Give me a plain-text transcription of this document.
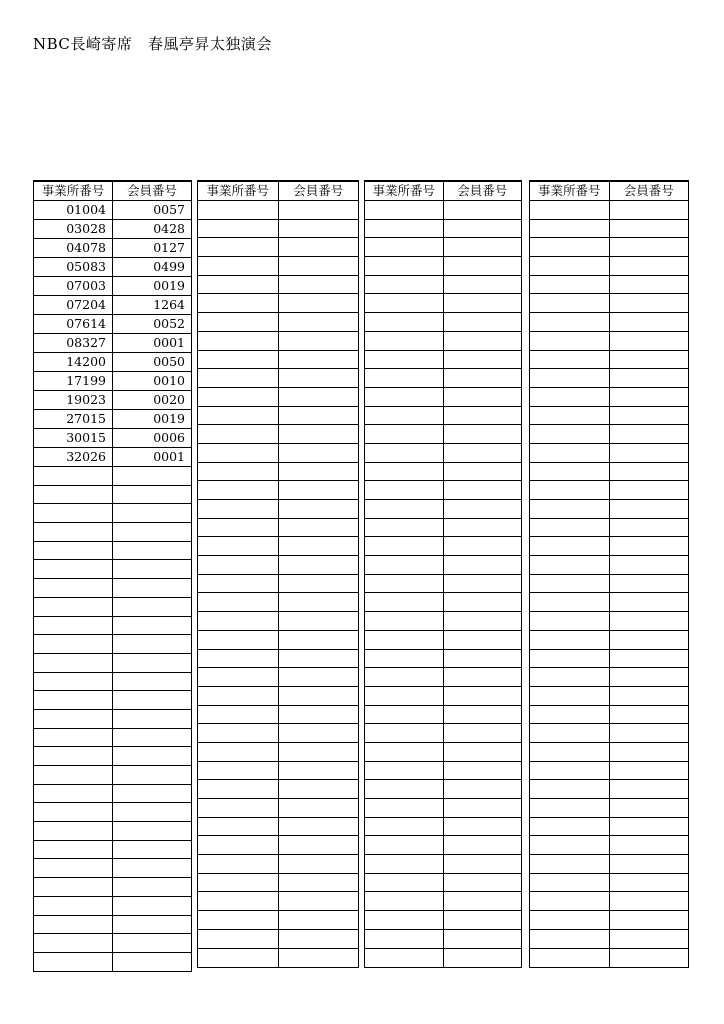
NBC長崎寄席　春風亭昇太独演会
事業所番号	会員番号
01004	0057
03028	0428
04078	0127
05083	0499
07003	0019
07204	1264
07614	0052
08327	0001
14200	0050
17199	0010
19023	0020
27015	0019
30015	0006
32026	0001

事業所番号	会員番号

	事業所番号	会員番号

	事業所番号	会員番号
